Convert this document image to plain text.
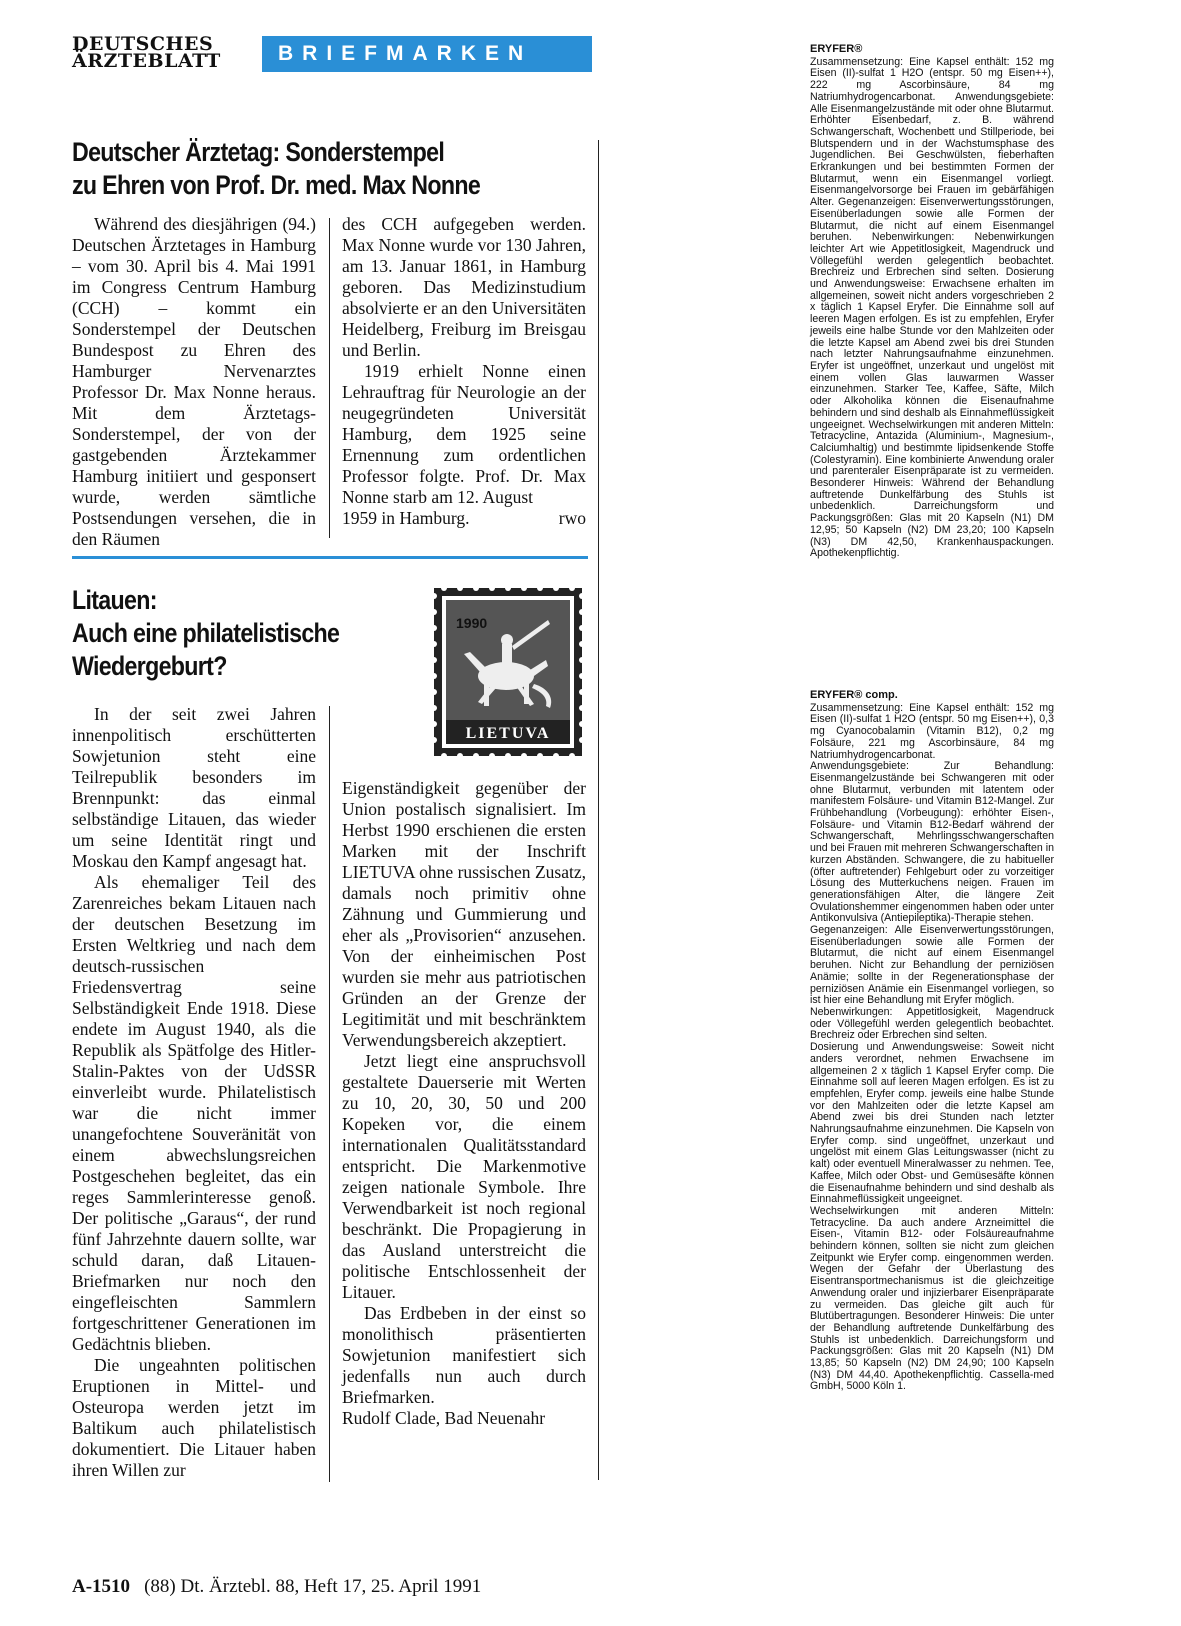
DEUTSCHES
ÄRZTEBLATT	BRIEFMARKEN
Deutscher Ärztetag: Sonderstempel
zu Ehren von Prof. Dr. med. Max Nonne

Während des diesjährigen (94.) Deutschen Ärztetages in Hamburg – vom 30. April bis 4. Mai 1991 im Congress Centrum Hamburg (CCH) – kommt ein Sonderstempel der Deutschen Bundespost zu Ehren des Hamburger Nervenarztes Professor Dr. Max Nonne heraus. Mit dem Ärztetags-Sonderstempel, der von der gastgebenden Ärztekammer Hamburg initiiert und gesponsert wurde, werden sämtliche Postsendungen versehen, die in den Räumen

des CCH aufgegeben werden. Max Nonne wurde vor 130 Jahren, am 13. Januar 1861, in Hamburg geboren. Das Medizinstudium absolvierte er an den Universitäten Heidelberg, Freiburg im Breisgau und Berlin.

1919 erhielt Nonne einen Lehrauftrag für Neurologie an der neugegründeten Universität Hamburg, dem 1925 seine Ernennung zum ordentlichen Professor folgte. Prof. Dr. Max Nonne starb am 12. August

1959 in Hamburg.	rwo
Litauen:
Auch eine philatelistische
Wiedergeburt?
1990
LIETUVA

In der seit zwei Jahren innenpolitisch erschütterten Sowjetunion steht eine Teilrepublik besonders im Brennpunkt: das einmal selbständige Litauen, das wieder um seine Identität ringt und Moskau den Kampf angesagt hat.

Als ehemaliger Teil des Zarenreiches bekam Litauen nach der deutschen Besetzung im Ersten Weltkrieg und nach dem deutsch-russischen Friedensvertrag seine Selbständigkeit Ende 1918. Diese endete im August 1940, als die Republik als Spätfolge des Hitler-Stalin-Paktes von der UdSSR einverleibt wurde. Philatelistisch war die nicht immer unangefochtene Souveränität von einem abwechslungsreichen Postgeschehen begleitet, das ein reges Sammlerinteresse genoß. Der politische „Garaus“, der rund fünf Jahrzehnte dauern sollte, war schuld daran, daß Litauen-Briefmarken nur noch den eingefleischten Sammlern fortgeschrittener Generationen im Gedächtnis blieben.

Die ungeahnten politischen Eruptionen in Mittel- und Osteuropa werden jetzt im Baltikum auch philatelistisch dokumentiert. Die Litauer haben ihren Willen zur

Eigenständigkeit gegenüber der Union postalisch signalisiert. Im Herbst 1990 erschienen die ersten Marken mit der Inschrift LIETUVA ohne russischen Zusatz, damals noch primitiv ohne Zähnung und Gummierung und eher als „Provisorien“ anzusehen. Von der einheimischen Post wurden sie mehr aus patriotischen Gründen an der Grenze der Legitimität und mit beschränktem Verwendungsbereich akzeptiert.

Jetzt liegt eine anspruchsvoll gestaltete Dauerserie mit Werten zu 10, 20, 30, 50 und 200 Kopeken vor, die einem internationalen Qualitätsstandard entspricht. Die Markenmotive zeigen nationale Symbole. Ihre Verwendbarkeit ist noch regional beschränkt. Die Propagierung in das Ausland unterstreicht die politische Entschlossenheit der Litauer.

Das Erdbeben in der einst so monolithisch präsentierten Sowjetunion manifestiert sich jedenfalls nun auch durch Briefmarken.

Rudolf Clade, Bad Neuenahr

A-1510 (88) Dt. Ärztebl. 88, Heft 17, 25. April 1991

ERYFER®

Zusammensetzung: Eine Kapsel enthält: 152 mg Eisen (II)-sulfat 1 H2O (entspr. 50 mg Eisen++), 222 mg Ascorbinsäure, 84 mg Natriumhydrogencarbonat. Anwendungsgebiete: Alle Eisenmangelzustände mit oder ohne Blutarmut. Erhöhter Eisenbedarf, z. B. während Schwangerschaft, Wochenbett und Stillperiode, bei Blutspendern und in der Wachstumsphase des Jugendlichen. Bei Geschwülsten, fieberhaften Erkrankungen und bei bestimmten Formen der Blutarmut, wenn ein Eisenmangel vorliegt. Eisenmangelvorsorge bei Frauen im gebärfähigen Alter. Gegenanzeigen: Eisenverwertungsstörungen, Eisenüberladungen sowie alle Formen der Blutarmut, die nicht auf einem Eisenmangel beruhen. Nebenwirkungen: Nebenwirkungen leichter Art wie Appetitlosigkeit, Magendruck und Völlegefühl werden gelegentlich beobachtet. Brechreiz und Erbrechen sind selten. Dosierung und Anwendungsweise: Erwachsene erhalten im allgemeinen, soweit nicht anders vorgeschrieben 2 x täglich 1 Kapsel Eryfer. Die Einnahme soll auf leeren Magen erfolgen. Es ist zu empfehlen, Eryfer jeweils eine halbe Stunde vor den Mahlzeiten oder die letzte Kapsel am Abend zwei bis drei Stunden nach letzter Nahrungsaufnahme einzunehmen. Eryfer ist ungeöffnet, unzerkaut und ungelöst mit einem vollen Glas lauwarmen Wasser einzunehmen. Starker Tee, Kaffee, Säfte, Milch oder Alkoholika können die Eisenaufnahme behindern und sind deshalb als Einnahmeflüssigkeit ungeeignet. Wechselwirkungen mit anderen Mitteln: Tetracycline, Antazida (Aluminium-, Magnesium-, Calciumhaltig) und bestimmte lipidsenkende Stoffe (Colestyramin). Eine kombinierte Anwendung oraler und parenteraler Eisenpräparate ist zu vermeiden. Besonderer Hinweis: Während der Behandlung auftretende Dunkelfärbung des Stuhls ist unbedenklich. Darreichungsform und Packungsgrößen: Glas mit 20 Kapseln (N1) DM 12,95; 50 Kapseln (N2) DM 23,20; 100 Kapseln (N3) DM 42,50, Krankenhauspackungen. Apothekenpflichtig.

ERYFER® comp.

Zusammensetzung: Eine Kapsel enthält: 152 mg Eisen (II)-sulfat 1 H2O (entspr. 50 mg Eisen++), 0,3 mg Cyanocobalamin (Vitamin B12), 0,2 mg Folsäure, 221 mg Ascorbinsäure, 84 mg Natriumhydrogencarbonat.

Anwendungsgebiete: Zur Behandlung: Eisenmangelzustände bei Schwangeren mit oder ohne Blutarmut, verbunden mit latentem oder manifestem Folsäure- und Vitamin B12-Mangel. Zur Frühbehandlung (Vorbeugung): erhöhter Eisen-, Folsäure- und Vitamin B12-Bedarf während der Schwangerschaft, Mehrlingsschwangerschaften und bei Frauen mit mehreren Schwangerschaften in kurzen Abständen. Schwangere, die zu habitueller (öfter auftretender) Fehlgeburt oder zu vorzeitiger Lösung des Mutterkuchens neigen. Frauen im generationsfähigen Alter, die längere Zeit Ovulationshemmer eingenommen haben oder unter Antikonvulsiva (Antiepileptika)-Therapie stehen.

Gegenanzeigen: Alle Eisenverwertungsstörungen, Eisenüberladungen sowie alle Formen der Blutarmut, die nicht auf einem Eisenmangel beruhen. Nicht zur Behandlung der perniziösen Anämie; sollte in der Regenerationsphase der perniziösen Anämie ein Eisenmangel vorliegen, so ist hier eine Behandlung mit Eryfer möglich.

Nebenwirkungen: Appetitlosigkeit, Magendruck oder Völlegefühl werden gelegentlich beobachtet. Brechreiz oder Erbrechen sind selten.

Dosierung und Anwendungsweise: Soweit nicht anders verordnet, nehmen Erwachsene im allgemeinen 2 x täglich 1 Kapsel Eryfer comp. Die Einnahme soll auf leeren Magen erfolgen. Es ist zu empfehlen, Eryfer comp. jeweils eine halbe Stunde vor den Mahlzeiten oder die letzte Kapsel am Abend zwei bis drei Stunden nach letzter Nahrungsaufnahme einzunehmen. Die Kapseln von Eryfer comp. sind ungeöffnet, unzerkaut und ungelöst mit einem Glas Leitungswasser (nicht zu kalt) oder eventuell Mineralwasser zu nehmen. Tee, Kaffee, Milch oder Obst- und Gemüsesäfte können die Eisenaufnahme behindern und sind deshalb als Einnahmeflüssigkeit ungeeignet.

Wechselwirkungen mit anderen Mitteln: Tetracycline. Da auch andere Arzneimittel die Eisen-, Vitamin B12- oder Folsäureaufnahme behindern können, sollten sie nicht zum gleichen Zeitpunkt wie Eryfer comp. eingenommen werden. Wegen der Gefahr der Überlastung des Eisentransportmechanismus ist die gleichzeitige Anwendung oraler und injizierbarer Eisenpräparate zu vermeiden. Das gleiche gilt auch für Blutübertragungen. Besonderer Hinweis: Die unter der Behandlung auftretende Dunkelfärbung des Stuhls ist unbedenklich. Darreichungsform und Packungsgrößen: Glas mit 20 Kapseln (N1) DM 13,85; 50 Kapseln (N2) DM 24,90; 100 Kapseln (N3) DM 44,40. Apothekenpflichtig. Cassella-med GmbH, 5000 Köln 1.
